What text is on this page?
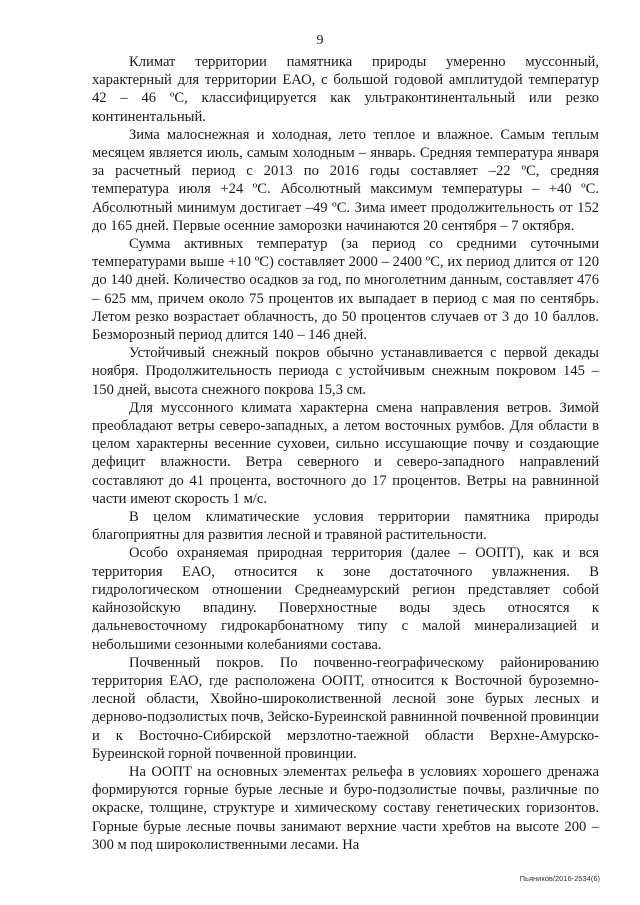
9

Климат территории памятника природы умеренно муссонный, характерный для территории ЕАО, с большой годовой амплитудой температур 42 – 46 ºС, классифицируется как ультраконтинентальный или резко континентальный.

Зима малоснежная и холодная, лето теплое и влажное. Самым теплым месяцем является июль, самым холодным – январь. Средняя температура января за расчетный период с 2013 по 2016 годы составляет –22 ºС, средняя температура июля +24 ºС. Абсолютный максимум температуры – +40 ºС. Абсолютный минимум достигает –49 ºС. Зима имеет продолжительность от 152 до 165 дней. Первые осенние заморозки начинаются 20 сентября – 7 октября.

Сумма активных температур (за период со средними суточными температурами выше +10 ºС) составляет 2000 – 2400 ºС, их период длится от 120 до 140 дней. Количество осадков за год, по многолетним данным, составляет 476 – 625 мм, причем около 75 процентов их выпадает в период с мая по сентябрь. Летом резко возрастает облачность, до 50 процентов случаев от 3 до 10 баллов. Безморозный период длится 140 – 146 дней.

Устойчивый снежный покров обычно устанавливается с первой декады ноября. Продолжительность периода с устойчивым снежным покровом 145 – 150 дней, высота снежного покрова 15,3 см.

Для муссонного климата характерна смена направления ветров. Зимой преобладают ветры северо-западных, а летом восточных румбов. Для области в целом характерны весенние суховеи, сильно иссушающие почву и создающие дефицит влажности. Ветра северного и северо-западного направлений составляют до 41 процента, восточного до 17 процентов. Ветры на равнинной части имеют скорость 1 м/с.

В целом климатические условия территории памятника природы благоприятны для развития лесной и травяной растительности.

Особо охраняемая природная территория (далее – ООПТ), как и вся территория ЕАО, относится к зоне достаточного увлажнения. В гидрологическом отношении Среднеамурский регион представляет собой кайнозойскую впадину. Поверхностные воды здесь относятся к дальневосточному гидрокарбонатному типу с малой минерализацией и небольшими сезонными колебаниями состава.

Почвенный покров. По почвенно-географическому районированию территория ЕАО, где расположена ООПТ, относится к Восточной буроземно-лесной области, Хвойно-широколиственной лесной зоне бурых лесных и дерново-подзолистых почв, Зейско-Буреинской равнинной почвенной провинции и к Восточно-Сибирской мерзлотно-таежной области Верхне-Амурско-Буреинской горной почвенной провинции.

На ООПТ на основных элементах рельефа в условиях хорошего дренажа формируются горные бурые лесные и буро-подзолистые почвы, различные по окраске, толщине, структуре и химическому составу генетических горизонтов. Горные бурые лесные почвы занимают верхние части хребтов на высоте 200 – 300 м под широколиственными лесами. На

Пьяников/2016-2534(6)
